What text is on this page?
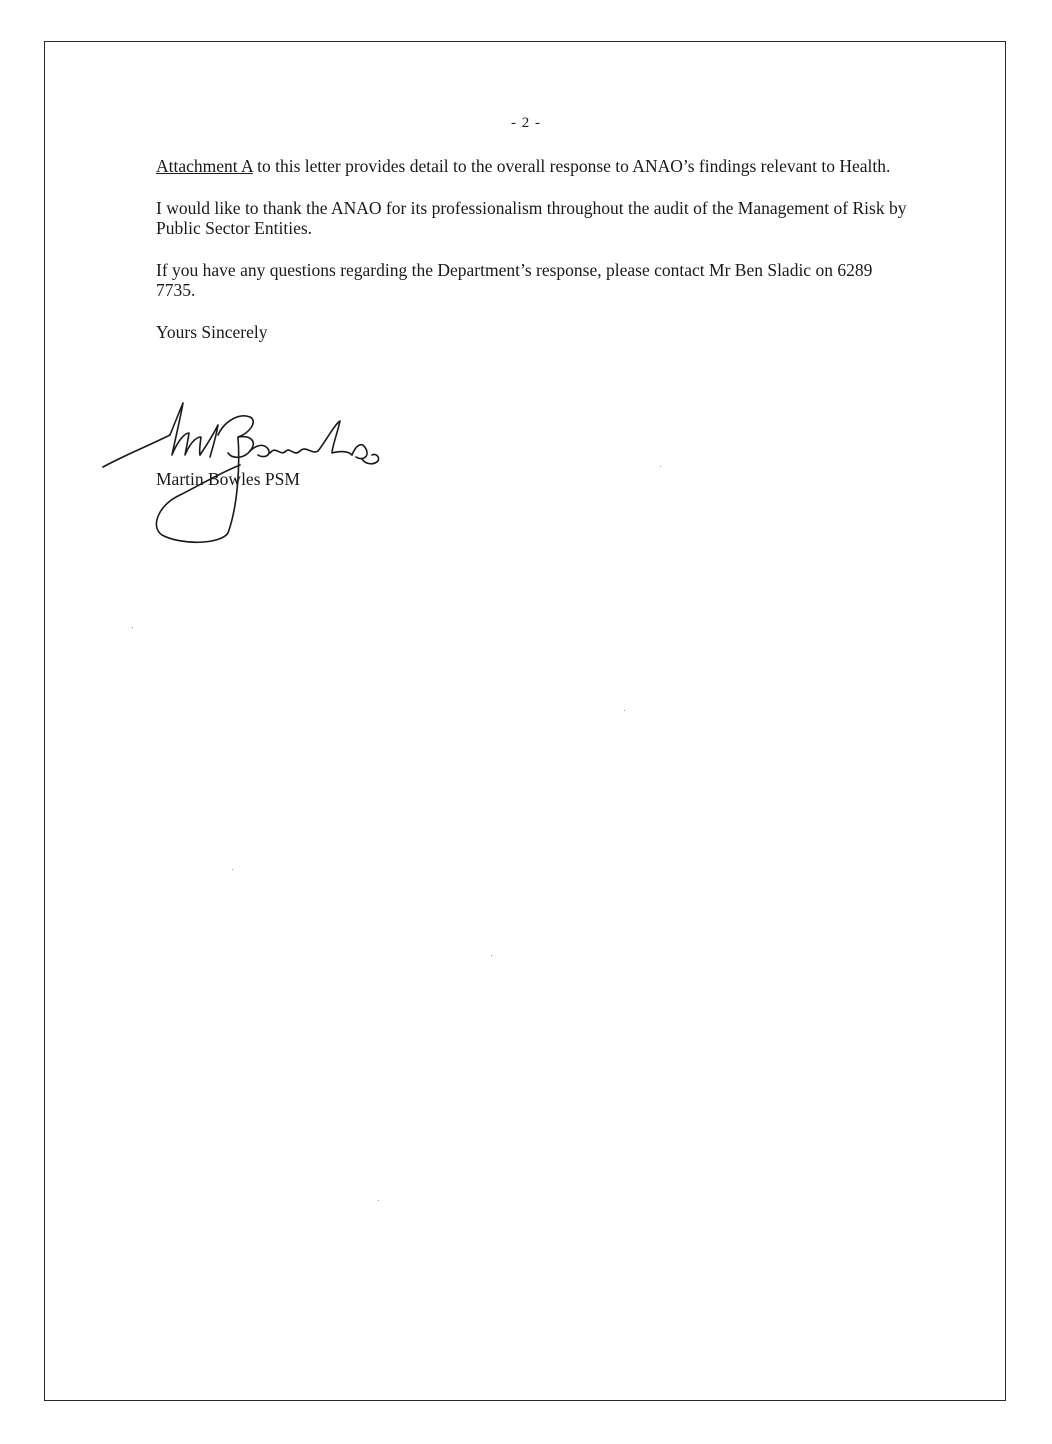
- 2 -

Attachment A to this letter provides detail to the overall response to ANAO’s findings relevant to Health.

I would like to thank the ANAO for its professionalism throughout the audit of the Management of Risk by Public Sector Entities.

If you have any questions regarding the Department’s response, please contact Mr Ben Sladic on 6289 7735.

Yours Sincerely

Martin Bowles PSM
